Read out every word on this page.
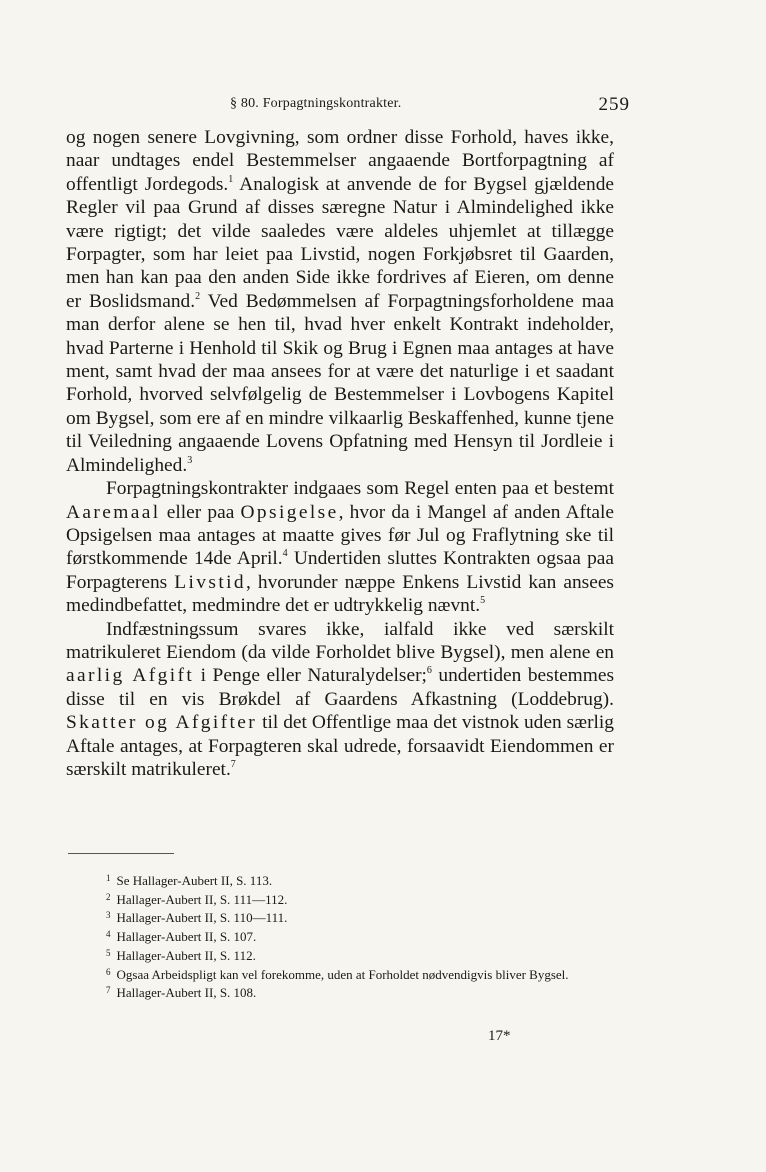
§ 80. Forpagtningskontrakter.	259

og nogen senere Lovgivning, som ordner disse Forhold, haves ikke, naar undtages endel Bestemmelser angaaende Bortforpagtning af offentligt Jordegods.$^1$ Analogisk at anvende de for Bygsel gjældende Regler vil paa Grund af disses særegne Natur i Almindelighed ikke være rigtigt; det vilde saaledes være aldeles uhjemlet at tillægge Forpagter, som har leiet paa Livstid, nogen Forkjøbsret til Gaarden, men han kan paa den anden Side ikke fordrives af Eieren, om denne er Boslidsmand.$^2$ Ved Bedømmelsen af Forpagtningsforholdene maa man derfor alene se hen til, hvad hver enkelt Kontrakt indeholder, hvad Parterne i Henhold til Skik og Brug i Egnen maa antages at have ment, samt hvad der maa ansees for at være det naturlige i et saadant Forhold, hvorved selvfølgelig de Bestemmelser i Lovbogens Kapitel om Bygsel, som ere af en mindre vilkaarlig Beskaffenhed, kunne tjene til Veiledning angaaende Lovens Opfatning med Hensyn til Jordleie i Almindelighed.$^3$

Forpagtningskontrakter indgaaes som Regel enten paa et bestemt Aaremaal eller paa Opsigelse, hvor da i Mangel af anden Aftale Opsigelsen maa antages at maatte gives før Jul og Fraflytning ske til førstkommende 14de April.$^4$ Undertiden sluttes Kontrakten ogsaa paa Forpagterens Livstid, hvorunder næppe Enkens Livstid kan ansees medindbefattet, medmindre det er udtrykkelig nævnt.$^5$

Indfæstningssum svares ikke, ialfald ikke ved særskilt matrikuleret Eiendom (da vilde Forholdet blive Bygsel), men alene en aarlig Afgift i Penge eller Naturalydelser;$^6$ undertiden bestemmes disse til en vis Brøkdel af Gaardens Afkastning (Loddebrug). Skatter og Afgifter til det Offentlige maa det vistnok uden særlig Aftale antages, at Forpagteren skal udrede, forsaavidt Eiendommen er særskilt matrikuleret.$^7$

$^1$ Se Hallager-Aubert II, S. 113.

$^2$ Hallager-Aubert II, S. 111—112.

$^3$ Hallager-Aubert II, S. 110—111.

$^4$ Hallager-Aubert II, S. 107.

$^5$ Hallager-Aubert II, S. 112.

$^6$ Ogsaa Arbeidspligt kan vel forekomme, uden at Forholdet nødvendigvis bliver Bygsel.

$^7$ Hallager-Aubert II, S. 108.

17*
